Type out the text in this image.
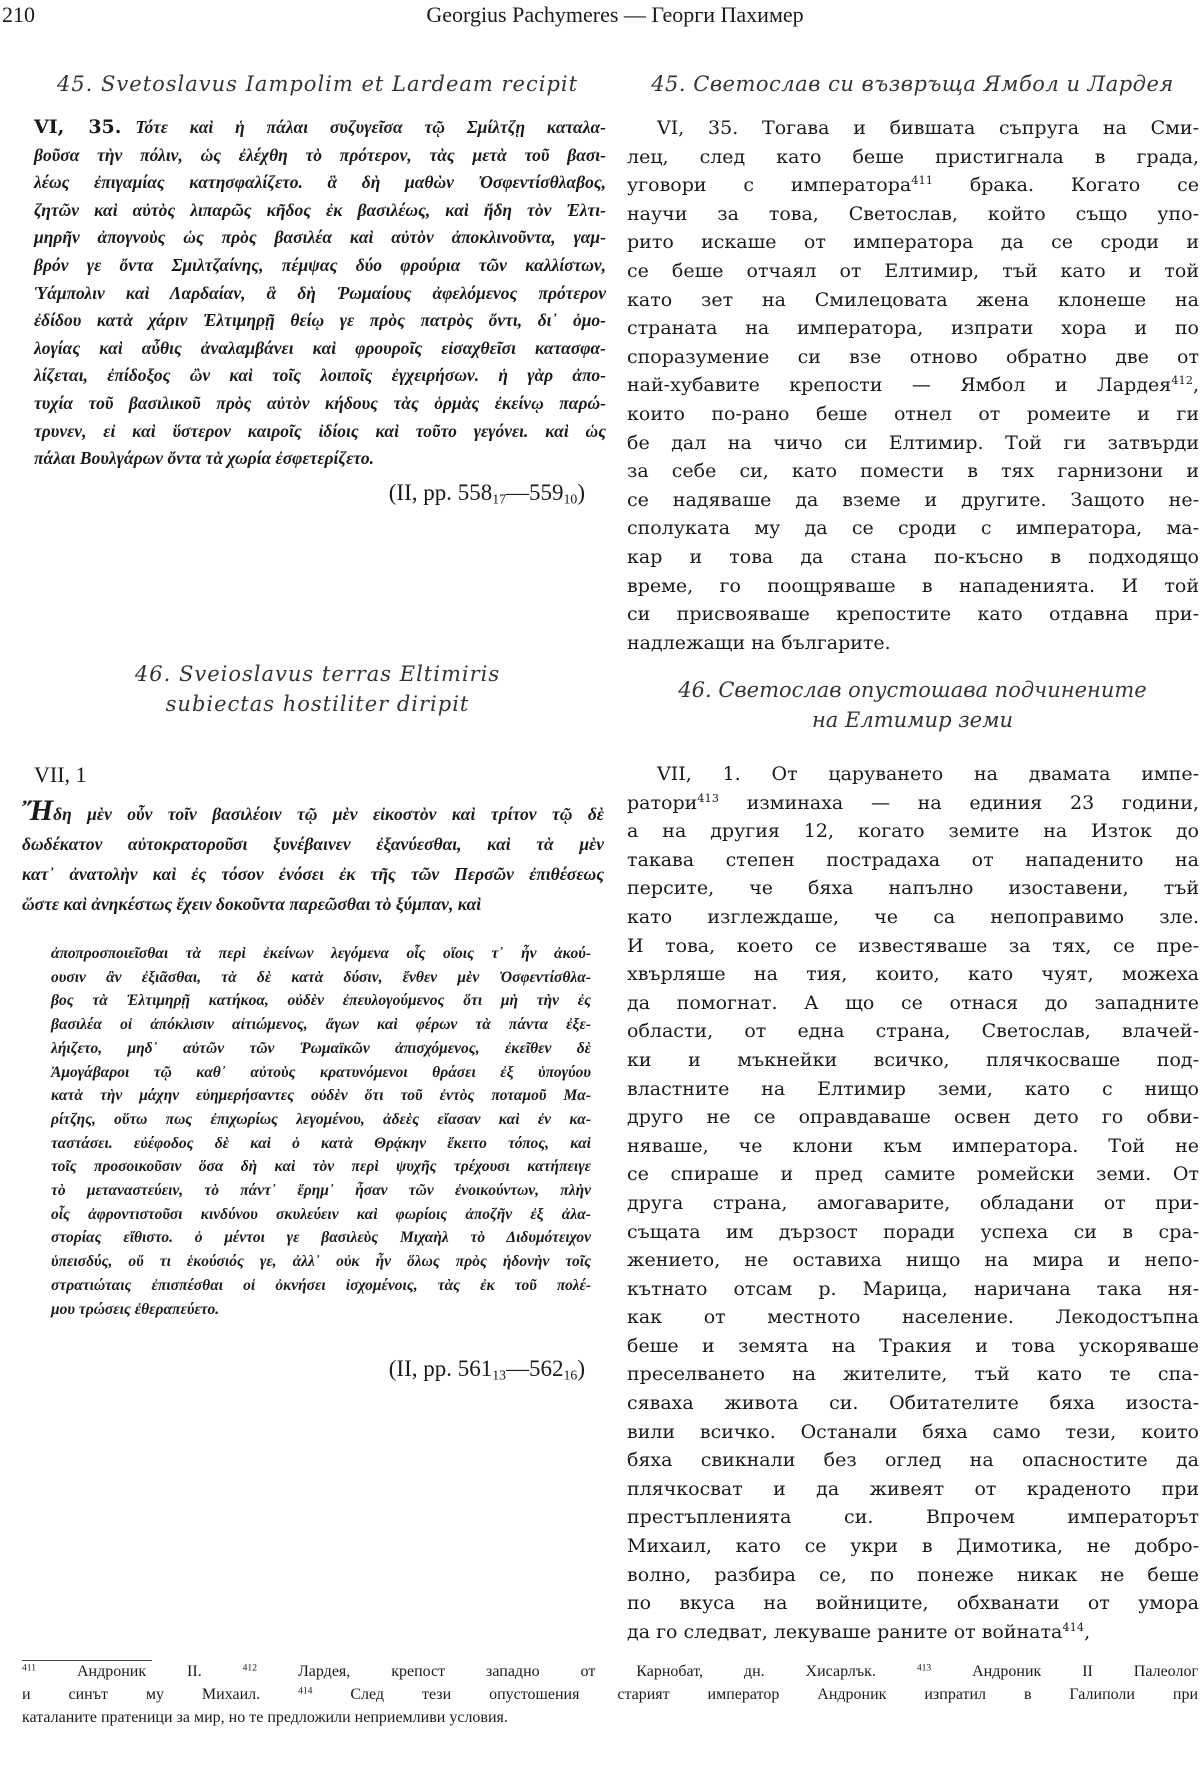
210	Georgius Pachymeres — Георги Пахимер
45. Svetoslavus Iampolim et Lardeam recipit	45. Светослав си възвръща Ямбол и Лардея
VI, 35. Τότε καὶ ἡ πάλαι συζυγεῖσα τῷ Σμίλτζῃ καταλα-
βοῦσα τὴν πόλιν, ὡς ἐλέχθη τὸ πρότερον, τὰς μετὰ τοῦ βασι-
λέως ἐπιγαμίας κατησφαλίζετο. ἃ δὴ μαθὼν Ὀσφεντίσθλαβος,
ζητῶν καὶ αὐτὸς λιπαρῶς κῆδος ἐκ βασιλέως, καὶ ἤδη τὸν Ἐλτι-
μηρῆν ἀπογνοὺς ὡς πρὸς βασιλέα καὶ αὐτὸν ἀποκλινοῦντα, γαμ-
βρόν γε ὄντα Σμιλτζαίνης, πέμψας δύο φρούρια τῶν καλλίστων,
Ὑάμπολιν καὶ Λαρδαίαν, ἃ δὴ Ῥωμαίους ἀφελόμενος πρότερον
ἐδίδου κατὰ χάριν Ἐλτιμηρῇ θείῳ γε πρὸς πατρὸς ὄντι, δι᾽ ὁμο-
λογίας καὶ αὖθις ἀναλαμβάνει καὶ φρουροῖς εἰσαχθεῖσι κατασφα-
λίζεται, ἐπίδοξος ὢν καὶ τοῖς λοιποῖς ἐγχειρήσων. ἡ γὰρ ἀπο-
τυχία τοῦ βασιλικοῦ πρὸς αὐτὸν κήδους τὰς ὁρμὰς ἐκείνῳ παρώ-
τρυνεν, εἰ καὶ ὕστερον καιροῖς ἰδίοις καὶ τοῦτο γεγόνει. καὶ ὡς
πάλαι Βουλγάρων ὄντα τὰ χωρία ἐσφετερίζετο.
(II, pp. $558_{17}—559_{10}$)
VI, 35. Тогава и бившата съпруга на Сми-
лец, след като беше пристигнала в града,
уговори с императора$^{411}$ брака. Когато се
научи за това, Светослав, който също упо-
рито искаше от императора да се сроди и
се беше отчаял от Елтимир, тъй като и той
като зет на Смилецовата жена клонеше на
страната на императора, изпрати хора и по
споразумение си взе отново обратно две от
най-хубавите крепости — Ямбол и Лардея$^{412}$,
които по-рано беше отнел от ромеите и ги
бе дал на чичо си Елтимир. Той ги затвърди
за себе си, като помести в тях гарнизони и
се надяваше да вземе и другите. Защото не-
сполуката му да се сроди с императора, ма-
кар и това да стана по-късно в подходящо
време, го поощряваше в нападенията. И той
си присвояваше крепостите като отдавна при-
надлежащи на българите.
46. Sveioslavus terras Eltimiris
subiectas hostiliter diripit
46. Светослав опустошава подчинените
на Елтимир земи
VII, 1
Ἤδη μὲν οὖν τοῖν βασιλέοιν τῷ μὲν εἰκοστὸν καὶ τρίτον τῷ δὲ
δωδέκατον αὐτοκρατοροῦσι ξυνέβαινεν ἐξανύεσθαι, καὶ τὰ μὲν
κατ᾽ ἀνατολὴν καὶ ἐς τόσον ἐνόσει ἐκ τῆς τῶν Περσῶν ἐπιθέσεως
ὥστε καὶ ἀνηκέστως ἔχειν δοκοῦντα παρεῶσθαι τὸ ξύμπαν, καὶ
ἀποπροσποιεῖσθαι τὰ περὶ ἐκείνων λεγόμενα οἷς οἵοις τ᾽ ἦν ἀκού-
ουσιν ἂν ἐξιᾶσθαι, τὰ δὲ κατὰ δύσιν, ἔνθεν μὲν Ὀσφεντίσθλα-
βος τὰ Ἐλτιμηρῇ κατήκοα, οὐδὲν ἐπευλογούμενος ὅτι μὴ τὴν ἐς
βασιλέα οἱ ἀπόκλισιν αἰτιώμενος, ἄγων καὶ φέρων τὰ πάντα ἐξε-
λήιζετο, μηδ᾽ αὐτῶν τῶν Ῥωμαϊκῶν ἀπισχόμενος, ἐκεῖθεν δὲ
Ἀμογάβαροι τῷ καθ᾽ αὐτοὺς κρατυνόμενοι θράσει ἐξ ὑπογύου
κατὰ τὴν μάχην εὐημερήσαντες οὐδὲν ὅτι τοῦ ἐντὸς ποταμοῦ Μα-
ρίτζης, οὕτω πως ἐπιχωρίως λεγομένου, ἀδεὲς εἴασαν καὶ ἐν κα-
ταστάσει. εὐέφοδος δὲ καὶ ὁ κατὰ Θρᾴκην ἔκειτο τόπος, καὶ
τοῖς προσοικοῦσιν ὅσα δὴ καὶ τὸν περὶ ψυχῆς τρέχουσι κατήπειγε
τὸ μεταναστεύειν, τὸ πάντ᾽ ἔρημ᾽ ἦσαν τῶν ἐνοικούντων, πλὴν
οἷς ἀφροντιστοῦσι κινδύνου σκυλεύειν καὶ φωρίοις ἀποζῆν ἐξ ἀλα-
στορίας εἴθιστο. ὁ μέντοι γε βασιλεὺς Μιχαὴλ τὸ Διδυμότειχον
ὑπεισδύς, οὔ τι ἑκούσιός γε, ἀλλ᾽ οὐκ ἦν ὅλως πρὸς ἡδονὴν τοῖς
στρατιώταις ἐπισπέσθαι οἱ ὀκνήσει ἰσχομένοις, τὰς ἐκ τοῦ πολέ-
μου τρώσεις ἐθεραπεύετο.
(II, pp. $561_{13}—562_{16}$)
VII, 1. От царуването на двамата импе-
ратори$^{413}$ изминаха — на единия 23 години,
а на другия 12, когато земите на Изток до
такава степен пострадаха от нападенито на
персите, че бяха напълно изоставени, тъй
като изглеждаше, че са непоправимо зле.
И това, което се известяваше за тях, се пре-
хвърляше на тия, които, като чуят, можеха
да помогнат. А що се отнася до западните
области, от една страна, Светослав, влачей-
ки и мъкнейки всичко, плячкосваше под-
властните на Елтимир земи, като с нищо
друго не се оправдаваше освен дето го обви-
няваше, че клони към императора. Той не
се спираше и пред самите ромейски земи. От
друга страна, амогаварите, обладани от при-
същата им дързост поради успеха си в сра-
жението, не оставиха нищо на мира и непо-
кътнато отсам р. Марица, наричана така ня-
как от местното население. Лекодостъпна
беше и земята на Тракия и това ускоряваше
преселването на жителите, тъй като те спа-
сяваха живота си. Обитателите бяха изоста-
вили всичко. Останали бяха само тези, които
бяха свикнали без оглед на опасностите да
плячкосват и да живеят от краденото при
престъпленията си. Впрочем императорът
Михаил, като се укри в Димотика, не добро-
волно, разбира се, по понеже никак не беше
по вкуса на войниците, обхванати от умора
да го следват, лекуваше раните от войната$^{414}$,
$^{411}$ Андроник II. $^{412}$ Лардея, крепост западно от Карнобат, дн. Хисарлък. $^{413}$ Андроник II Палеолог
и синът му Михаил. $^{414}$ След тези опустошения старият император Андроник изпратил в Галиполи при
каталаните пратеници за мир, но те предложили неприемливи условия.
